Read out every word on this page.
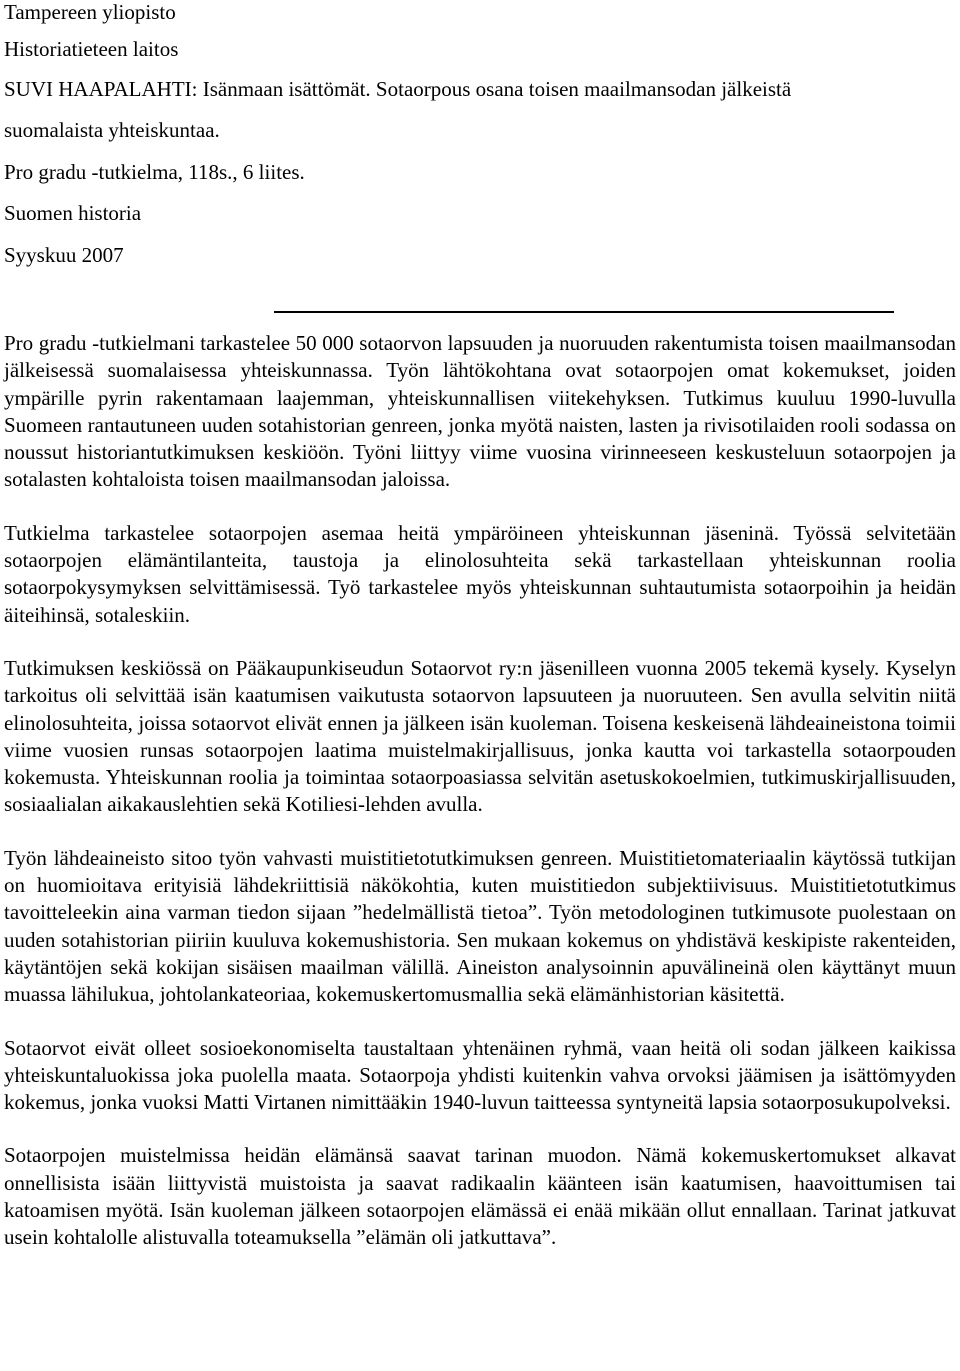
Tampereen yliopisto
Historiatieteen laitos
SUVI HAAPALAHTI: Isänmaan isättömät. Sotaorpous osana toisen maailmansodan jälkeistä
suomalaista yhteiskuntaa.
Pro gradu -tutkielma, 118s., 6 liites.
Suomen historia
Syyskuu 2007

Pro gradu -tutkielmani tarkastelee 50 000 sotaorvon lapsuuden ja nuoruuden rakentumista toisen maailmansodan jälkeisessä suomalaisessa yhteiskunnassa. Työn lähtökohtana ovat sotaorpojen omat kokemukset, joiden ympärille pyrin rakentamaan laajemman, yhteiskunnallisen viitekehyksen. Tutkimus kuuluu 1990-luvulla Suomeen rantautuneen uuden sotahistorian genreen, jonka myötä naisten, lasten ja rivisotilaiden rooli sodassa on noussut historiantutkimuksen keskiöön. Työni liittyy viime vuosina virinneeseen keskusteluun sotaorpojen ja sotalasten kohtaloista toisen maailmansodan jaloissa.

Tutkielma tarkastelee sotaorpojen asemaa heitä ympäröineen yhteiskunnan jäseninä. Työssä selvitetään sotaorpojen elämäntilanteita, taustoja ja elinolosuhteita sekä tarkastellaan yhteiskunnan roolia sotaorpokysymyksen selvittämisessä. Työ tarkastelee myös yhteiskunnan suhtautumista sotaorpoihin ja heidän äiteihinsä, sotaleskiin.

Tutkimuksen keskiössä on Pääkaupunkiseudun Sotaorvot ry:n jäsenilleen vuonna 2005 tekemä kysely. Kyselyn tarkoitus oli selvittää isän kaatumisen vaikutusta sotaorvon lapsuuteen ja nuoruuteen. Sen avulla selvitin niitä elinolosuhteita, joissa sotaorvot elivät ennen ja jälkeen isän kuoleman. Toisena keskeisenä lähdeaineistona toimii viime vuosien runsas sotaorpojen laatima muistelmakirjallisuus, jonka kautta voi tarkastella sotaorpouden kokemusta. Yhteiskunnan roolia ja toimintaa sotaorpoasiassa selvitän asetuskokoelmien, tutkimuskirjallisuuden, sosiaalialan aikakauslehtien sekä Kotiliesi-lehden avulla.

Työn lähdeaineisto sitoo työn vahvasti muistitietotutkimuksen genreen. Muistitietomateriaalin käytössä tutkijan on huomioitava erityisiä lähdekriittisiä näkökohtia, kuten muistitiedon subjektiivisuus. Muistitietotutkimus tavoitteleekin aina varman tiedon sijaan ”hedelmällistä tietoa”. Työn metodologinen tutkimusote puolestaan on uuden sotahistorian piiriin kuuluva kokemushistoria. Sen mukaan kokemus on yhdistävä keskipiste rakenteiden, käytäntöjen sekä kokijan sisäisen maailman välillä. Aineiston analysoinnin apuvälineinä olen käyttänyt muun muassa lähilukua, johtolankateoriaa, kokemuskertomusmallia sekä elämänhistorian käsitettä.

Sotaorvot eivät olleet sosioekonomiselta taustaltaan yhtenäinen ryhmä, vaan heitä oli sodan jälkeen kaikissa yhteiskuntaluokissa joka puolella maata. Sotaorpoja yhdisti kuitenkin vahva orvoksi jäämisen ja isättömyyden kokemus, jonka vuoksi Matti Virtanen nimittääkin 1940-luvun taitteessa syntyneitä lapsia sotaorposukupolveksi.

Sotaorpojen muistelmissa heidän elämänsä saavat tarinan muodon. Nämä kokemuskertomukset alkavat onnellisista isään liittyvistä muistoista ja saavat radikaalin käänteen isän kaatumisen, haavoittumisen tai katoamisen myötä. Isän kuoleman jälkeen sotaorpojen elämässä ei enää mikään ollut ennallaan. Tarinat jatkuvat usein kohtalolle alistuvalla toteamuksella ”elämän oli jatkuttava”.
